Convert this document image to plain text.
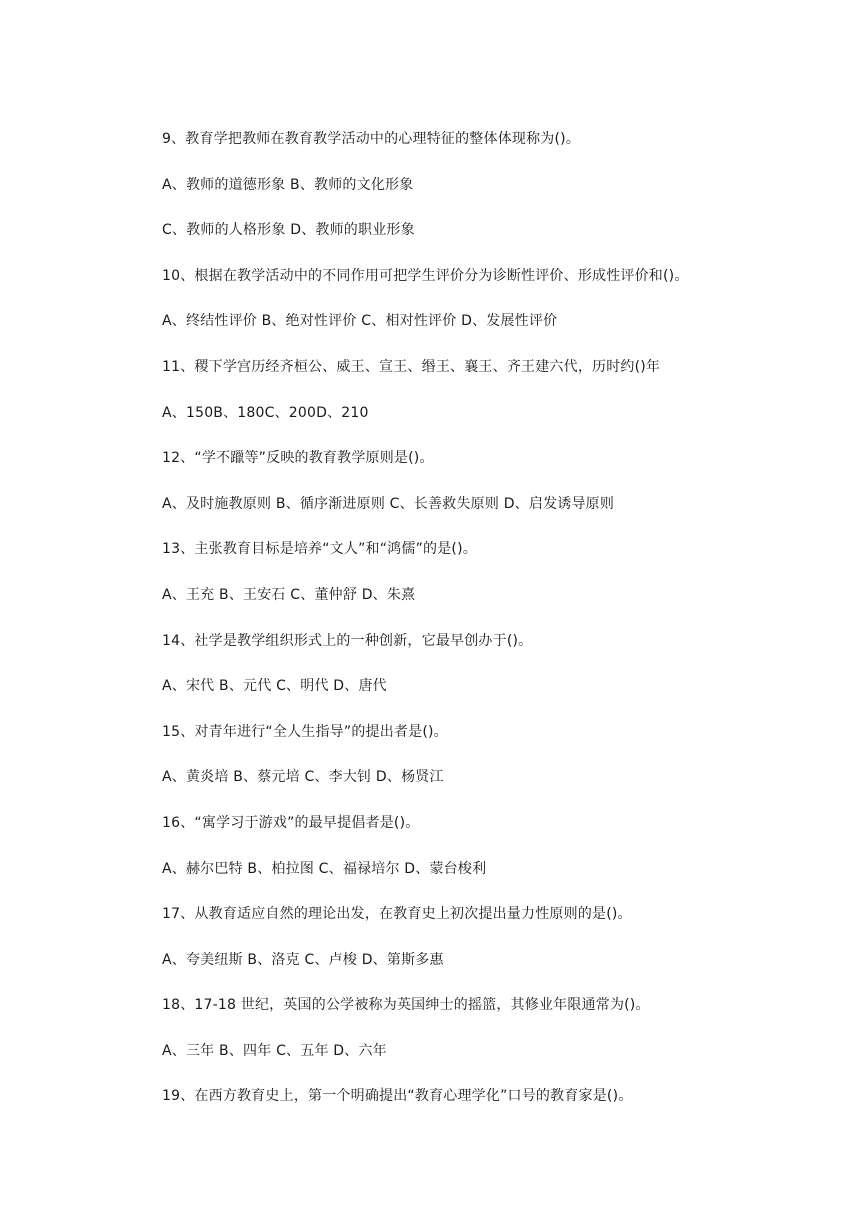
9、教育学把教师在教育教学活动中的心理特征的整体体现称为()。
A、教师的道德形象 B、教师的文化形象
C、教师的人格形象 D、教师的职业形象
10、根据在教学活动中的不同作用可把学生评价分为诊断性评价、形成性评价和()。
A、终结性评价 B、绝对性评价 C、相对性评价 D、发展性评价
11、稷下学宫历经齐桓公、威王、宣王、缗王、襄王、齐王建六代，历时约()年
A、150B、180C、200D、210
12、“学不躐等”反映的教育教学原则是()。
A、及时施教原则 B、循序渐进原则 C、长善救失原则 D、启发诱导原则
13、主张教育目标是培养“文人”和“鸿儒”的是()。
A、王充 B、王安石 C、董仲舒 D、朱熹
14、社学是教学组织形式上的一种创新，它最早创办于()。
A、宋代 B、元代 C、明代 D、唐代
15、对青年进行“全人生指导”的提出者是()。
A、黄炎培 B、蔡元培 C、李大钊 D、杨贤江
16、“寓学习于游戏”的最早提倡者是()。
A、赫尔巴特 B、柏拉图 C、福禄培尔 D、蒙台梭利
17、从教育适应自然的理论出发，在教育史上初次提出量力性原则的是()。
A、夸美纽斯 B、洛克 C、卢梭 D、第斯多惠
18、17-18 世纪，英国的公学被称为英国绅士的摇篮，其修业年限通常为()。
A、三年 B、四年 C、五年 D、六年
19、在西方教育史上，第一个明确提出“教育心理学化”口号的教育家是()。
